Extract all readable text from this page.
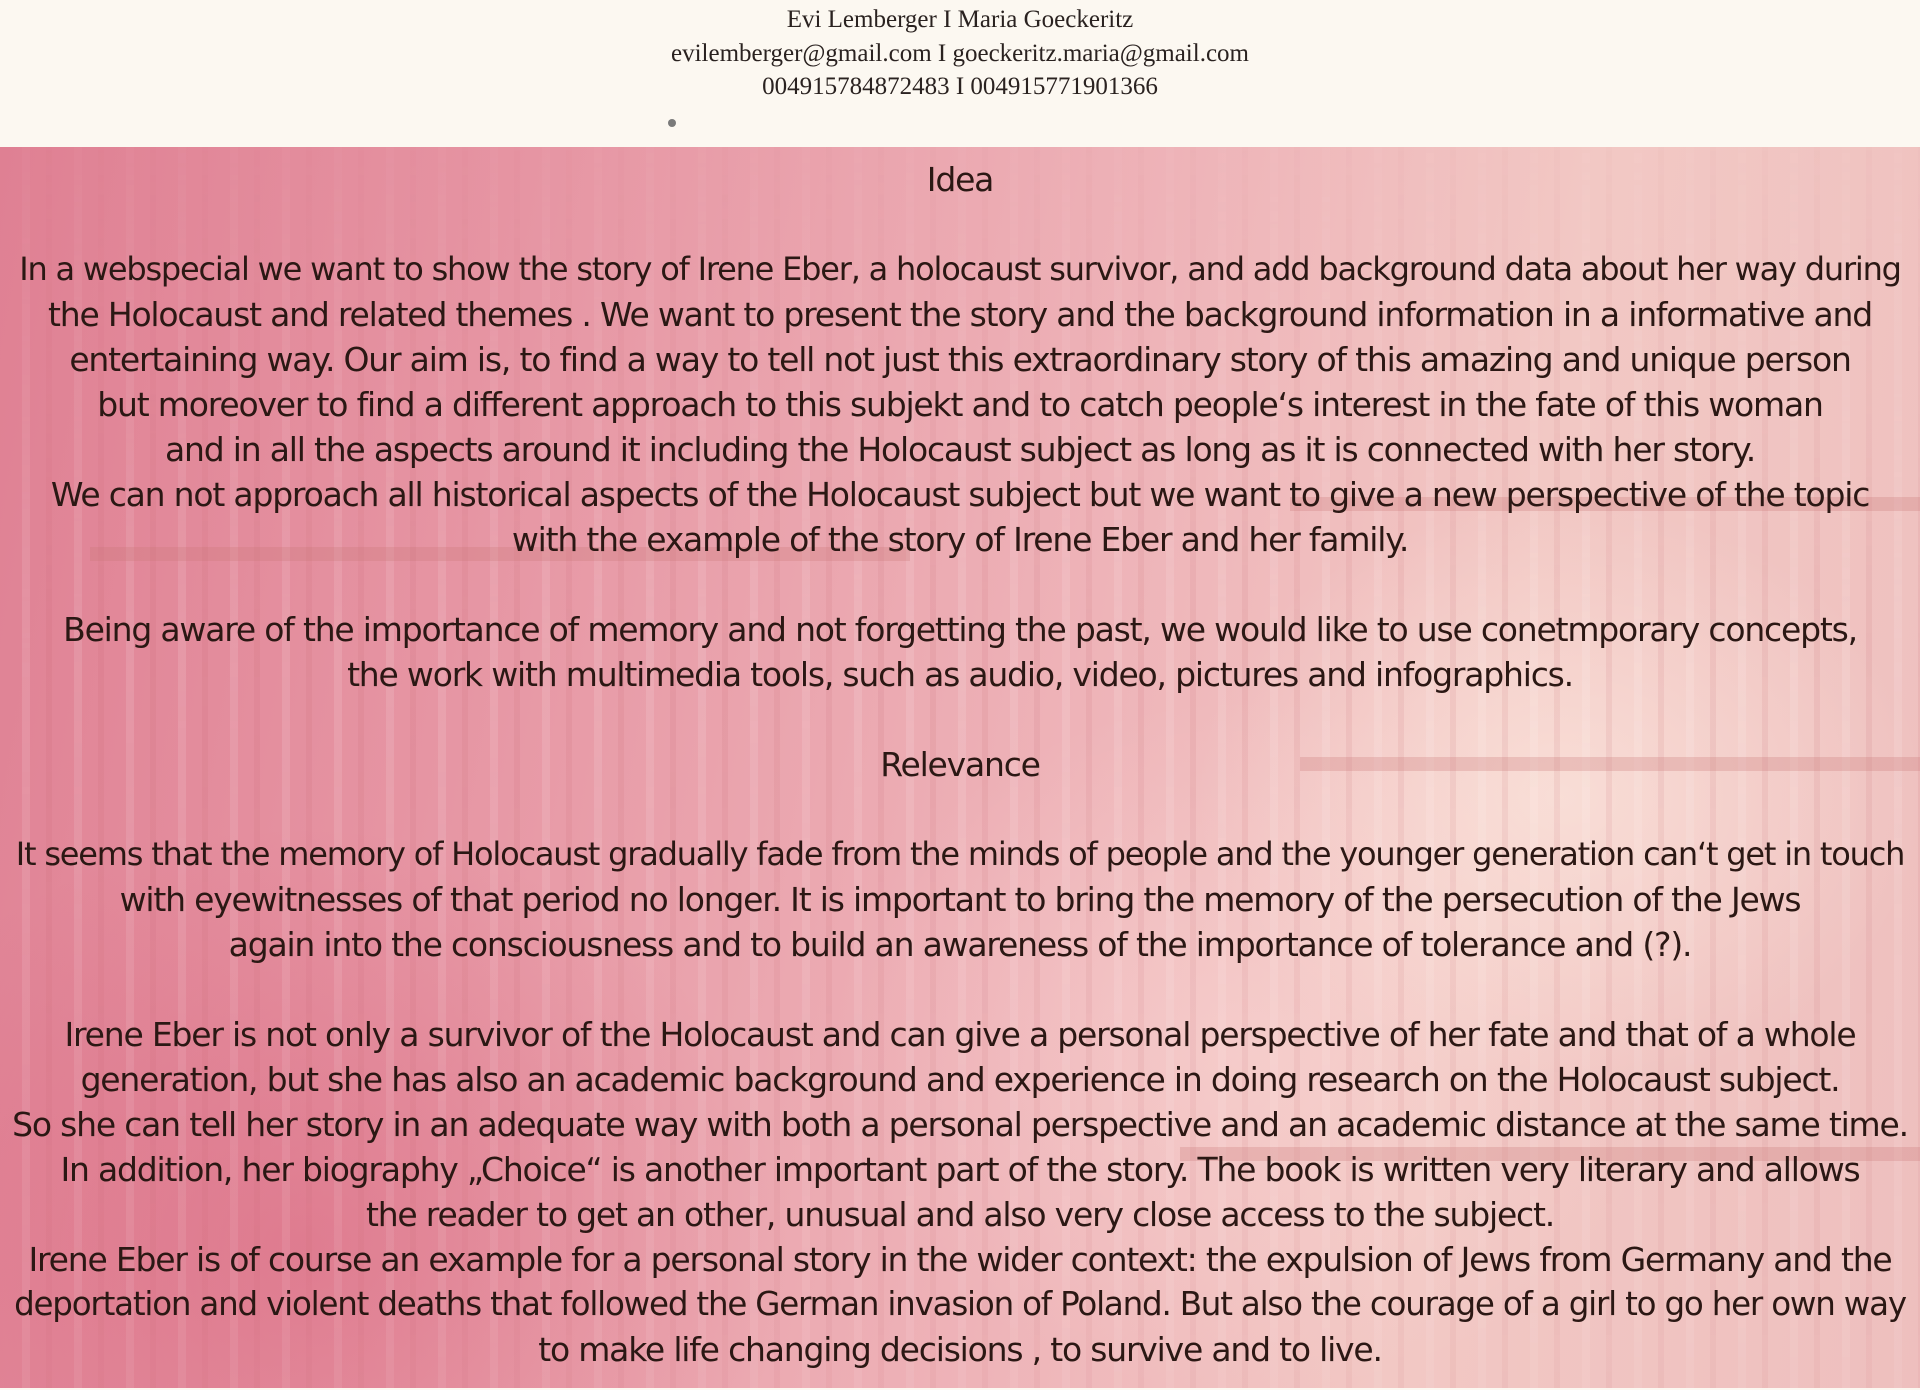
Evi Lemberger I Maria Goeckeritz
evilemberger@gmail.com I goeckeritz.maria@gmail.com
004915784872483 I 004915771901366
Idea
In a webspecial we want to show the story of Irene Eber, a holocaust survivor, and add background data about her way during
the Holocaust and related themes . We want to present the story and the background information in a informative and
entertaining way. Our aim is, to find a way to tell not just this extraordinary story of this amazing and unique person
but moreover to find a different approach to this subjekt and to catch people‘s interest in the fate of this woman
and in all the aspects around it including the Holocaust subject as long as it is connected with her story.
We can not approach all historical aspects of the Holocaust subject but we want to give a new perspective of the topic
with the example of the story of Irene Eber and her family.
Being aware of the importance of memory and not forgetting the past, we would like to use conetmporary concepts,
the work with multimedia tools, such as audio, video, pictures and infographics.
Relevance
It seems that the memory of Holocaust gradually fade from the minds of people and the younger generation can‘t get in touch
with eyewitnesses of that period no longer. It is important to bring the memory of the persecution of the Jews
again into the consciousness and to build an awareness of the importance of tolerance and (?).
Irene Eber is not only a survivor of the Holocaust and can give a personal perspective of her fate and that of a whole
generation, but she has also an academic background and experience in doing research on the Holocaust subject.
So she can tell her story in an adequate way with both a personal perspective and an academic distance at the same time.
In addition, her biography „Choice“ is another important part of the story. The book is written very literary and allows
the reader to get an other, unusual and also very close access to the subject.
Irene Eber is of course an example for a personal story in the wider context: the expulsion of Jews from Germany and the
deportation and violent deaths that followed the German invasion of Poland. But also the courage of a girl to go her own way
to make life changing decisions , to survive and to live.
